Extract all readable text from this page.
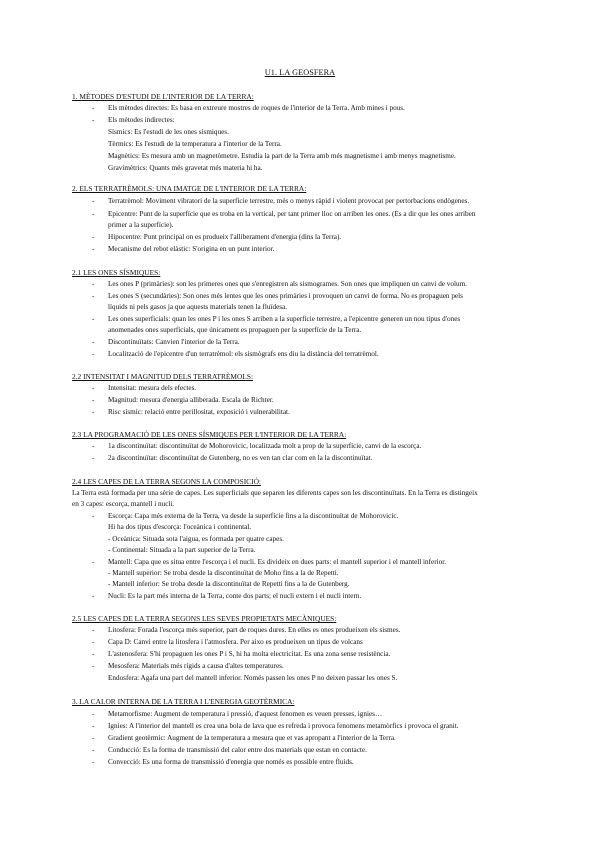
U1. LA GEOSFERA
1. MÈTODES D'ESTUDI DE L'INTERIOR DE LA TERRA:
- Els mètodes directes: Es basa en extreure mostres de roques de l'interior de la Terra. Amb mines i pous.
- Els mètodes indirectes:
Sísmics: Es l'estudi de les ones sísmiques.
Tèrmics: Es l'estudi de la temperatura a l'interior de la Terra.
Magnètics: Es mesura amb un magnetòmetre. Estudia la part de la Terra amb més magnetisme i amb menys magnetisme.
Gravimètrics: Quants més gravetat més materia hi ha.
2. ELS TERRATRÈMOLS: UNA IMATGE DE L'INTERIOR DE LA TERRA:
- Terratrèmol: Moviment vibratori de la superfície terrestre, més o menys ràpid i violent provocat per pertorbacions endògenes.
- Epicentre: Punt de la superfície que es troba en la vertical, per tant primer lloc on arriben les ones. (Es a dir que les ones arriben
primer a la superfície).
- Hipocentre: Punt principal on es produeix l'alliberament d'energia (dins la Terra).
- Mecanisme del rebot elàstic: S'origina en un punt interior.
2.1 LES ONES SÍSMIQUES:
- Les ones P (primàries): son les primeres ones que s'enregistren als sismogrames. Son ones que impliquen un canvi de volum.
- Les ones S (secundàries): Son ones més lentes que les ones primàries i provoquen un canvi de forma. No es propaguen pels
líquids ni pels gasos ja que aquests materials tenen la fluïdesa.
- Les ones superficials: quan les ones P i les ones S arriben a la superfície terrestre, a l'epicentre generen un nou tipus d'ones
anomenades ones superficials, que únicament es propaguen per la superfície de la Terra.
- Discontinuïtats: Canvien l'interior de la Terra.
- Localització de l'epicentre d'un terratrèmol: els sismògrafs ens diu la distància del terratrèmol.
2.2 INTENSITAT I MAGNITUD DELS TERRATRÈMOLS:
- Intensitat: mesura dels efectes.
- Magnitud: mesura d'energia alliberada. Escala de Richter.
- Risc sísmic: relació entre perillositat, exposició i vulnerabilitat.
2.3 LA PROGRAMACIÓ DE LES ONES SÍSMIQUES PER L'INTERIOR DE LA TERRA:
- 1a discontinuïtat: discontinuïtat de Mohorovicic, localitzada molt a prop de la superfície, canvi de la escorça.
- 2a discontinuïtat: discontinuïtat de Gutenberg, no es ven tan clar com en la la discontinuïtat.
2.4 LES CAPES DE LA TERRA SEGONS LA COMPOSICIÓ:
La Terra està formada per una sèrie de capes. Les superficials que separen les diferents capes son les discontinuïtats. En la Terra es distingeix
en 3 capes: escorça, mantell i nucli.
- Escorça: Capa més externa de la Terra, va desde la superfície fins a la discontinuïtat de Mohorovicic.
Hi ha dos tipus d'escorça: l'oceànica i continental.
- Oceànica: Situada sota l'aigua, es formada per quatre capes.
- Continental: Situada a la part superior de la Terra.
- Mantell: Capa que es situa entre l'escorça i el nucli. Es divideix en dues parts: el mantell superior i el mantell inferior.
- Mantell superior: Se troba desde la discontinuïtat de Moho fins a la de Repetti.
- Mantell inferior: Se troba desde la discontinuïtat de Repetti fins a la de Gutenberg.
- Nucli: Es la part més interna de la Terra, conte dos parts; el nucli extern i el nucli intern.
2.5 LES CAPES DE LA TERRA SEGONS LES SEVES PROPIETATS MECÀNIQUES:
- Litosfera: Forada l'escorça més superior, part de roques dures. En elles es ones produeixen els sismes.
- Capa D: Canvi entre la litosfera i l'atmosfera. Per aixo es produeixen un tipus de volcans
- L'astenosfera: S'hi propaguen les ones P i S, hi ha molta electricitat. Es una zona sense resistència.
- Mesosfera: Materials més rígids a causa d'altes temperatures.
Endosfera: Agafa una part del mantell inferior. Només passen les ones P no deixen passar les ones S.
3. LA CALOR INTERNA DE LA TERRA I L'ENERGIA GEOTÈRMICA:
- Metamorfisme: Augment de temperatura i pressió, d'aquest fenomen es veuen presses, ignies…
- Ignies: A l'interior del mantell es crea una bola de lava que es refreda i provoca fenomens metamòrfics i provoca el granit.
- Gradient geotèrmic: Augment de la temperatura a mesura que et vas apropant a l'interior de la Terra.
- Conducció: Es la forma de transmissió del calor entre dos materials que estan en contacte.
- Convecció: Es una forma de transmissió d'energia que només es possible entre fluids.
